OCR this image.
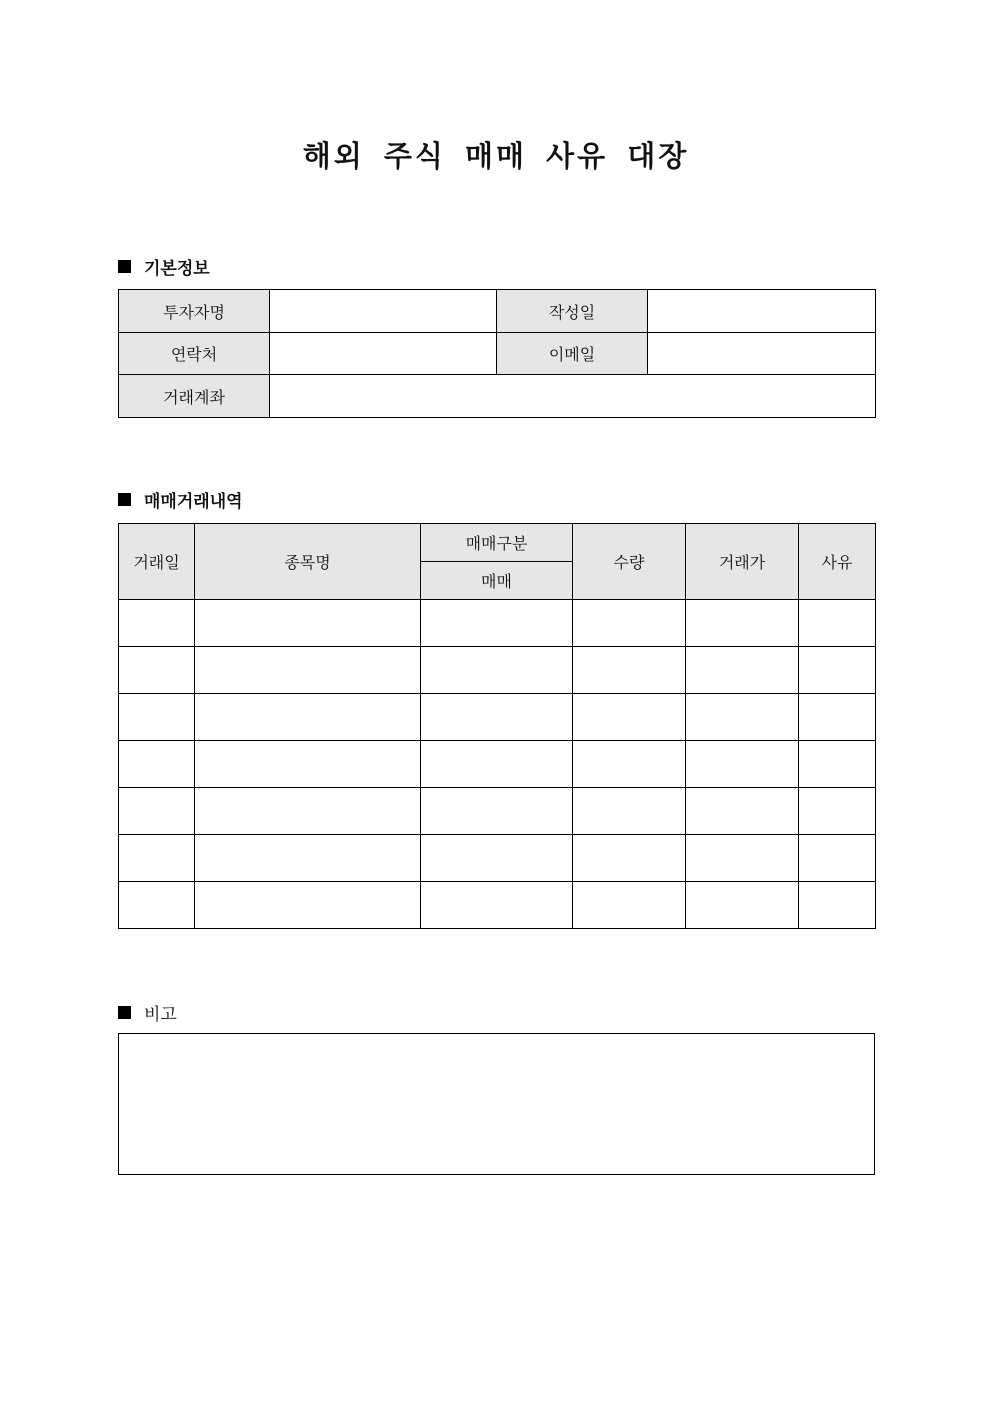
해외 주식 매매 사유 대장
기본정보
투자자명		작성일	
연락처		이메일	
거래계좌			
매매거래내역
거래일	종목명	매매구분	수량	거래가	사유
		매매			

비고
